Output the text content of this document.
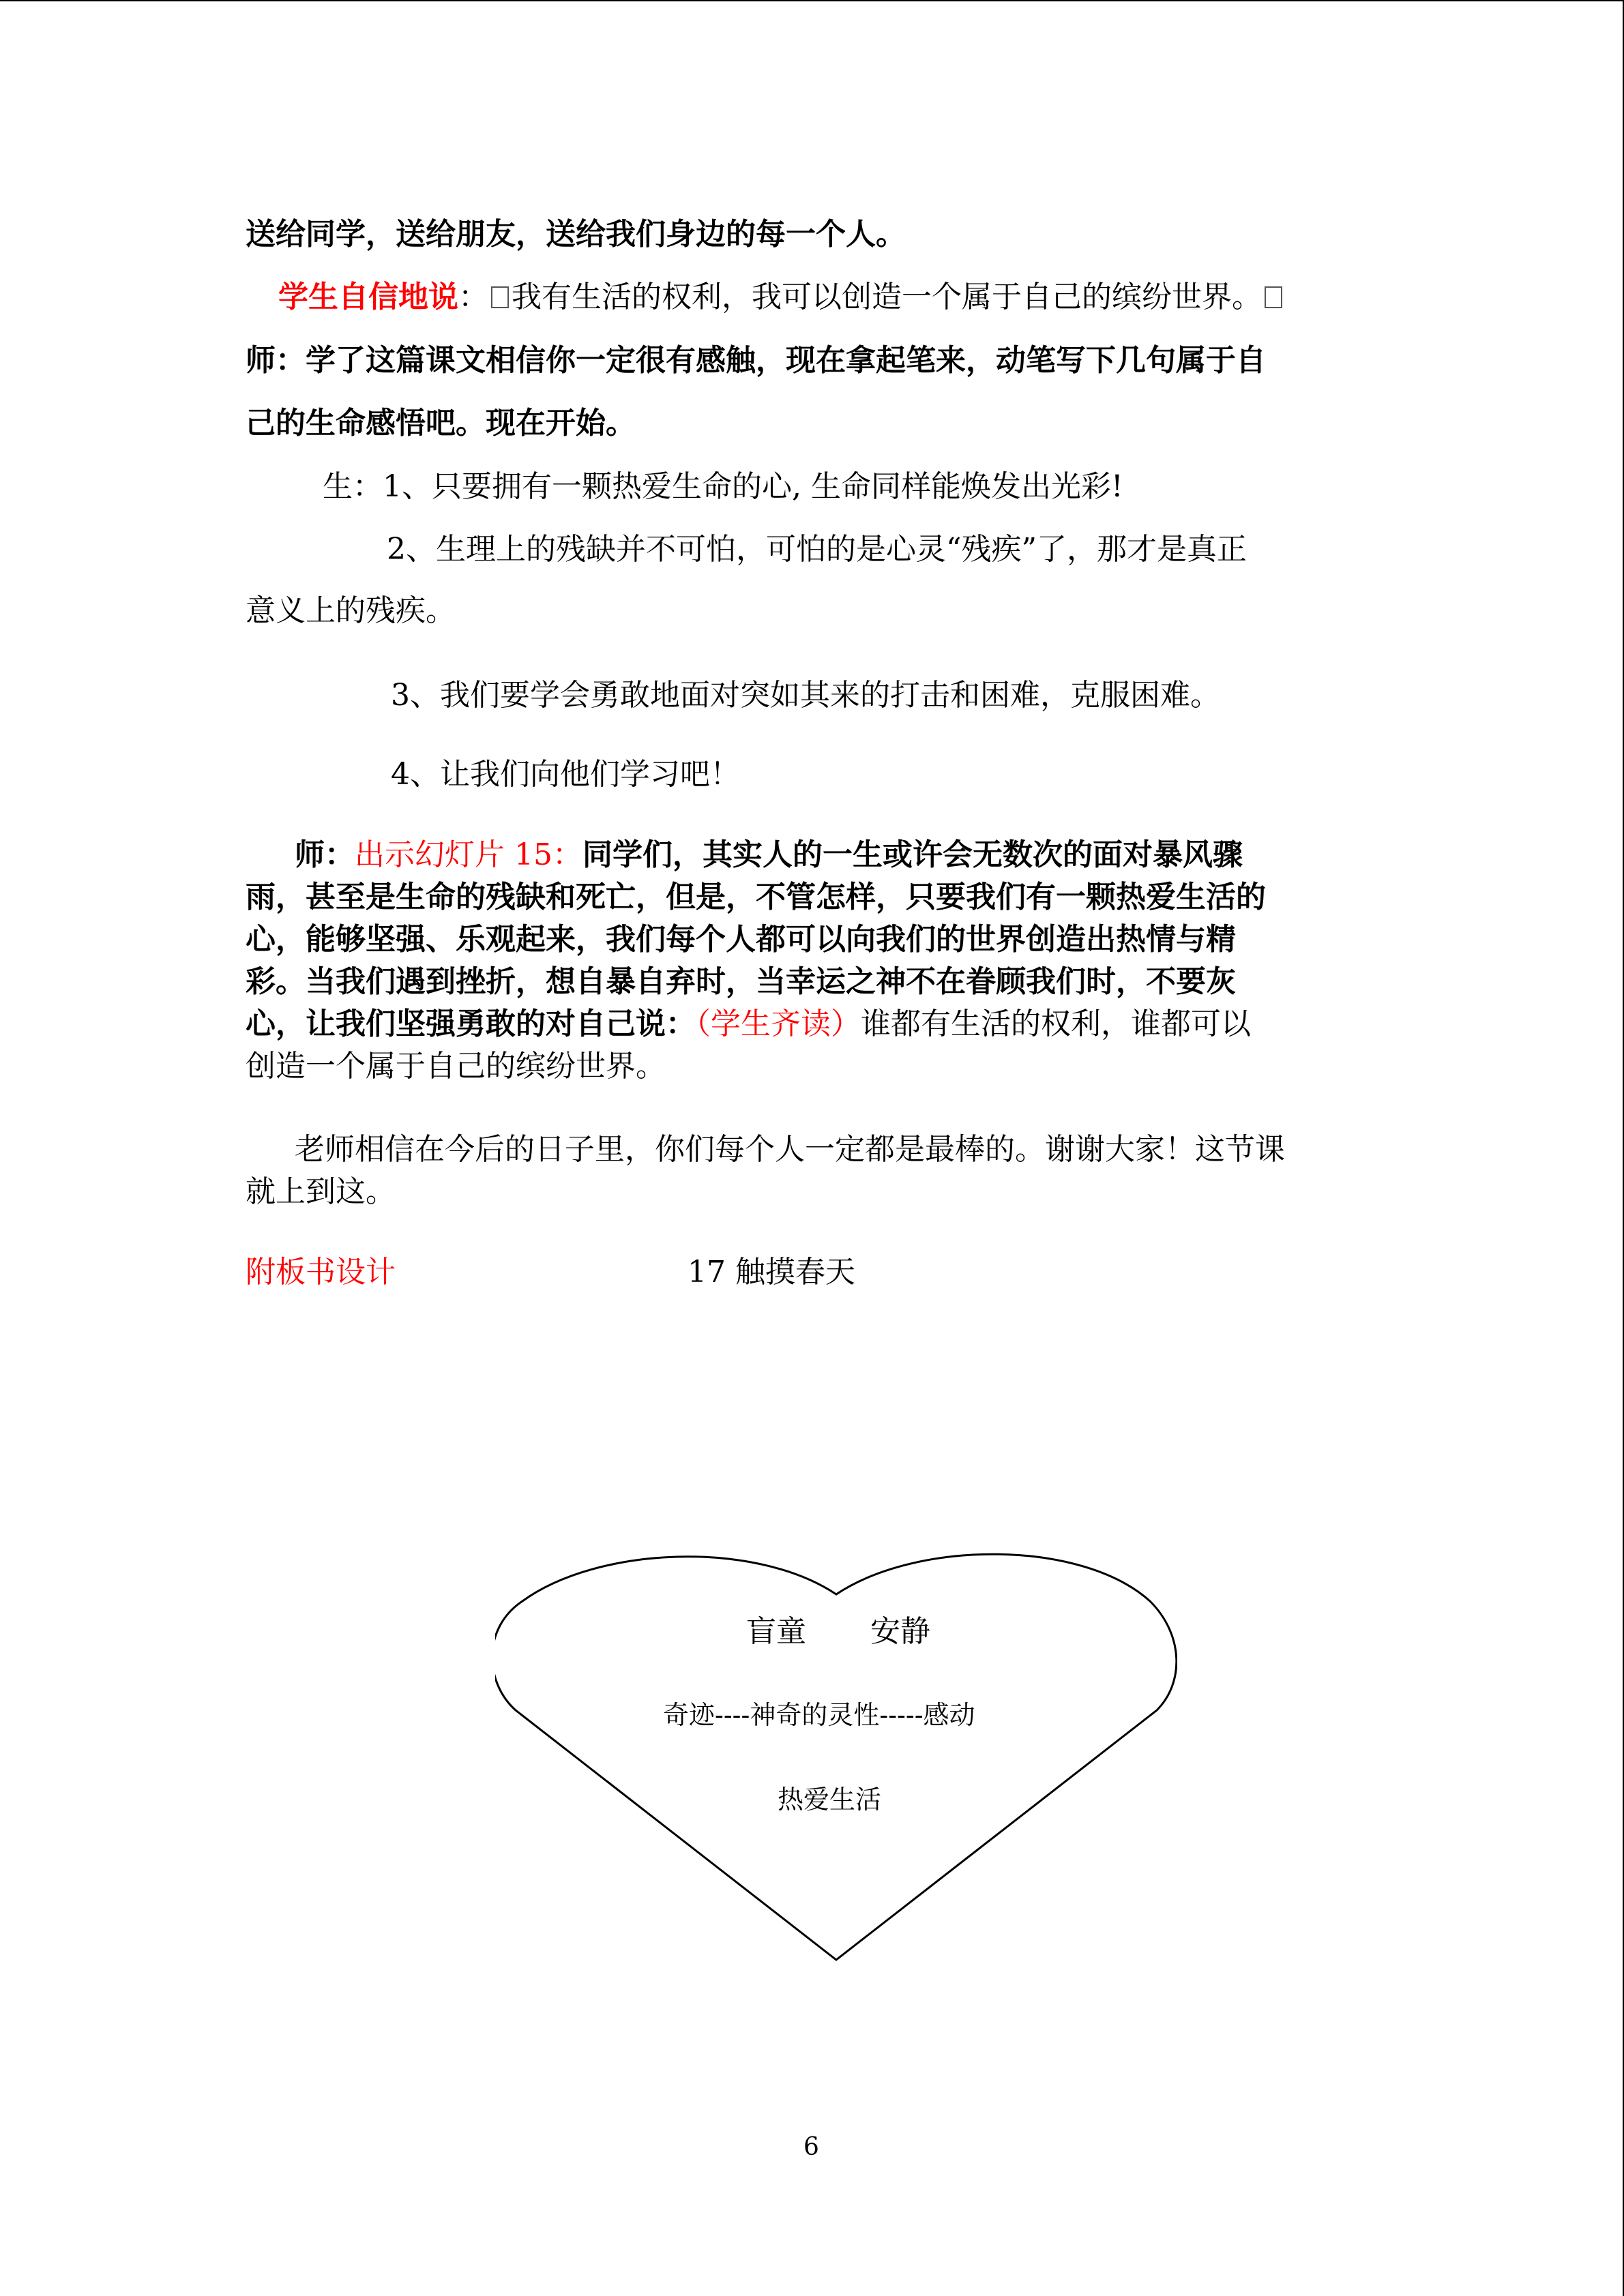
送给同学，送给朋友，送给我们身边的每一个人。
学生自信地说： 我有生活的权利，我可以创造一个属于自己的缤纷世界。
师：学了这篇课文相信你一定很有感触，现在拿起笔来，动笔写下几句属于自
己的生命感悟吧。现在开始。
生：1、只要拥有一颗热爱生命的心, 生命同样能焕发出光彩!
2、生理上的残缺并不可怕，可怕的是心灵“残疾”了，那才是真正
意义上的残疾。
3、我们要学会勇敢地面对突如其来的打击和困难，克服困难。
4、让我们向他们学习吧！
师：出示幻灯片 15：同学们，其实人的一生或许会无数次的面对暴风骤
雨，甚至是生命的残缺和死亡，但是，不管怎样，只要我们有一颗热爱生活的
心，能够坚强、乐观起来，我们每个人都可以向我们的世界创造出热情与精
彩。当我们遇到挫折，想自暴自弃时，当幸运之神不在眷顾我们时，不要灰
心，让我们坚强勇敢的对自己说：（学生齐读）谁都有生活的权利，谁都可以
创造一个属于自己的缤纷世界。
老师相信在今后的日子里，你们每个人一定都是最棒的。谢谢大家！这节课
就上到这。
附板书设计	17 触摸春天
盲童 安静
奇迹----神奇的灵性-----感动
热爱生活
6
